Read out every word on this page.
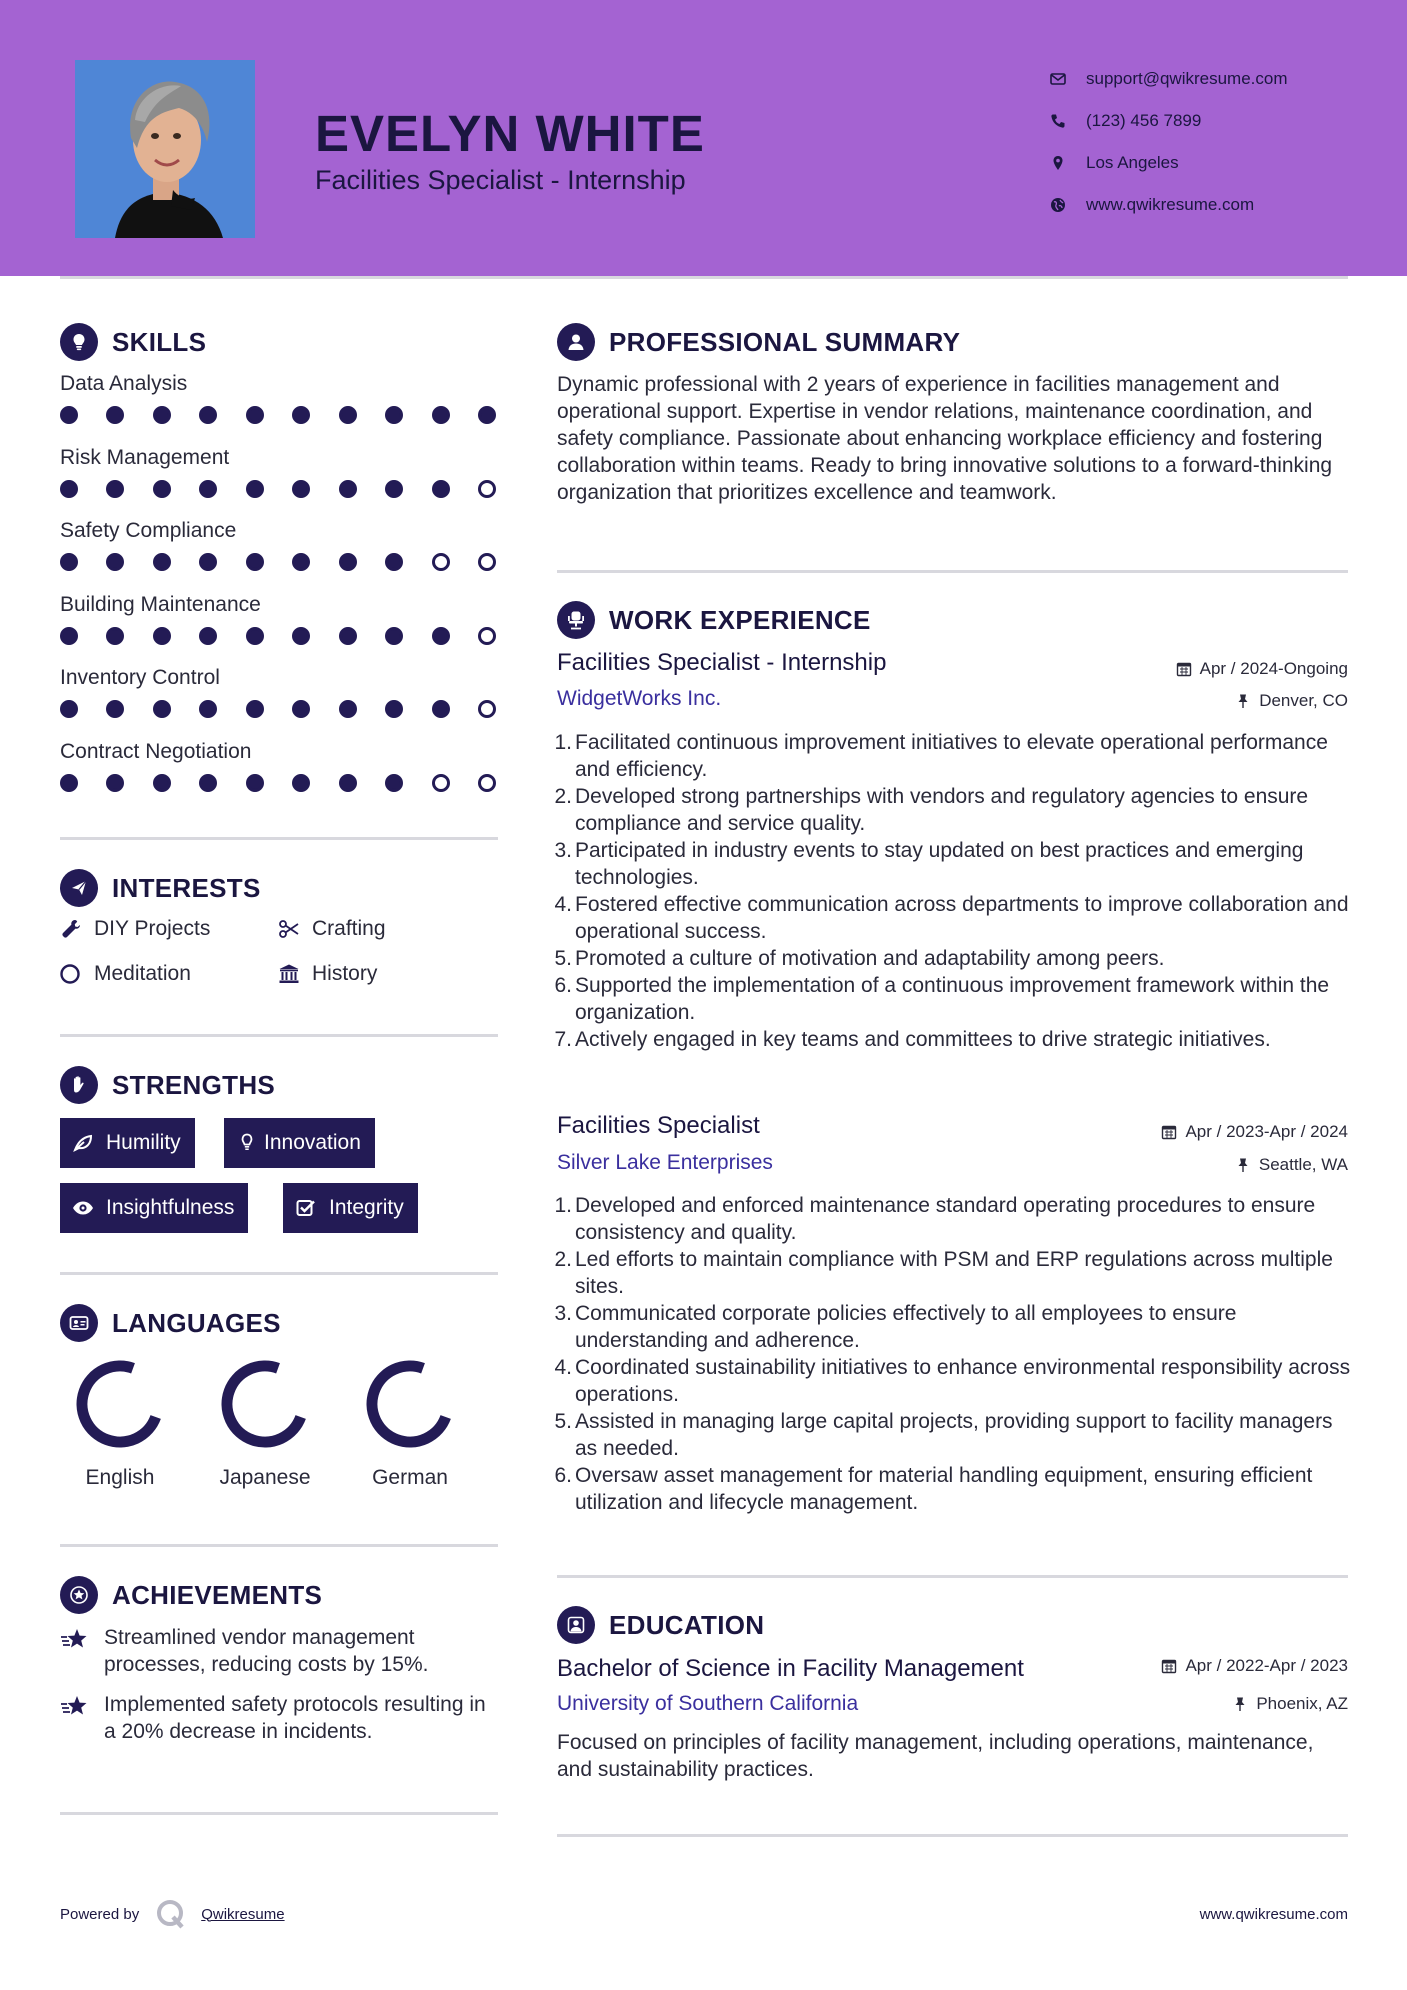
EVELYN WHITE
Facilities Specialist - Internship
support@qwikresume.com
(123) 456 7899
Los Angeles
www.qwikresume.com
SKILLS
Data Analysis
Risk Management
Safety Compliance
Building Maintenance
Inventory Control
Contract Negotiation
INTERESTS
DIY Projects	Crafting
Meditation	History
STRENGTHS
Humility	Innovation
Insightfulness	Integrity
LANGUAGES
English	Japanese	German
ACHIEVEMENTS
Streamlined vendor management processes, reducing costs by 15%.
Implemented safety protocols resulting in a 20% decrease in incidents.
PROFESSIONAL SUMMARY
Dynamic professional with 2 years of experience in facilities management and operational support. Expertise in vendor relations, maintenance coordination, and safety compliance. Passionate about enhancing workplace efficiency and fostering collaboration within teams. Ready to bring innovative solutions to a forward-thinking organization that prioritizes excellence and teamwork.
WORK EXPERIENCE
Facilities Specialist - Internship	Apr / 2024-Ongoing
WidgetWorks Inc.	Denver, CO
1. Facilitated continuous improvement initiatives to elevate operational performance and efficiency.
2. Developed strong partnerships with vendors and regulatory agencies to ensure compliance and service quality.
3. Participated in industry events to stay updated on best practices and emerging technologies.
4. Fostered effective communication across departments to improve collaboration and operational success.
5. Promoted a culture of motivation and adaptability among peers.
6. Supported the implementation of a continuous improvement framework within the organization.
7. Actively engaged in key teams and committees to drive strategic initiatives.
Facilities Specialist	Apr / 2023-Apr / 2024
Silver Lake Enterprises	Seattle, WA
1. Developed and enforced maintenance standard operating procedures to ensure consistency and quality.
2. Led efforts to maintain compliance with PSM and ERP regulations across multiple sites.
3. Communicated corporate policies effectively to all employees to ensure understanding and adherence.
4. Coordinated sustainability initiatives to enhance environmental responsibility across operations.
5. Assisted in managing large capital projects, providing support to facility managers as needed.
6. Oversaw asset management for material handling equipment, ensuring efficient utilization and lifecycle management.
EDUCATION
Bachelor of Science in Facility Management	Apr / 2022-Apr / 2023
University of Southern California	Phoenix, AZ
Focused on principles of facility management, including operations, maintenance, and sustainability practices.
Powered by	Qwikresume	www.qwikresume.com
